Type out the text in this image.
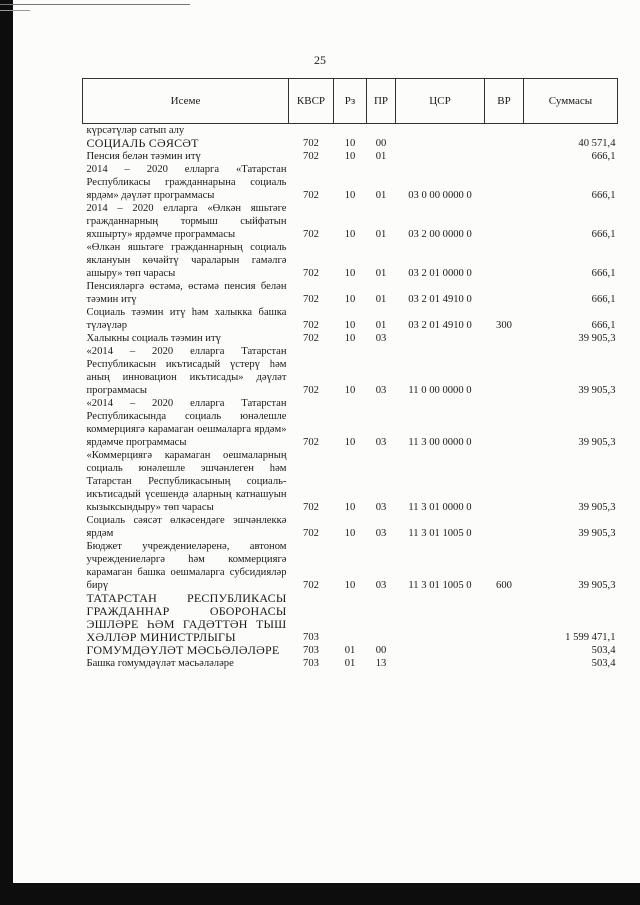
25
Исеме	КВСР	Рз	ПР	ЦСР	ВР	Суммасы
күрсәтүләр сатып алу						
СОЦИАЛЬ СӘЯСӘТ	702	10	00			40 571,4
Пенсия белән тәэмин итү	702	10	01			666,1
2014 – 2020 елларга «Татарстан Республикасы гражданнарына социаль ярдәм» дәүләт программасы	702	10	01	03 0 00 0000 0		666,1
2014 – 2020 елларга «Өлкән яшьтәге гражданнарның тормыш сыйфатын яхшырту» ярдәмче программасы	702	10	01	03 2 00 0000 0		666,1
«Өлкән яшьтәге гражданнарның социаль яклануын көчәйтү чараларын гамәлгә ашыру» төп чарасы	702	10	01	03 2 01 0000 0		666,1
Пенсияләргә өстәмә, өстәмә пенсия белән тәэмин итү	702	10	01	03 2 01 4910 0		666,1
Социаль тәэмин итү һәм халыкка башка түләүләр	702	10	01	03 2 01 4910 0	300	666,1
Халыкны социаль тәэмин итү	702	10	03			39 905,3
«2014 – 2020 елларга Татарстан Республикасын икътисадый үстерү һәм аның инновацион икътисады» дәүләт программасы	702	10	03	11 0 00 0000 0		39 905,3
«2014 – 2020 елларга Татарстан Республикасында социаль юнәлешле коммерциягә карамаган оешмаларга ярдәм» ярдәмче программасы	702	10	03	11 3 00 0000 0		39 905,3
«Коммерциягә карамаган оешмаларның социаль юнәлешле эшчәнлеген һәм Татарстан Республикасының социаль-икътисадый үсешендә аларның катнашуын кызыксындыру» төп чарасы	702	10	03	11 3 01 0000 0		39 905,3
Социаль сәясәт өлкәсендәге эшчәнлеккә ярдәм	702	10	03	11 3 01 1005 0		39 905,3
Бюджет учреждениеләренә, автоном учреждениеләргә һәм коммерциягә карамаган башка оешмаларга субсидияләр бирү	702	10	03	11 3 01 1005 0	600	39 905,3
ТАТАРСТАН РЕСПУБЛИКАСЫ ГРАЖДАННАР ОБОРОНАСЫ ЭШЛӘРЕ ҺӘМ ГАДӘТТӘН ТЫШ ХӘЛЛӘР МИНИСТРЛЫГЫ	703					1 599 471,1
ГОМУМДӘҮЛӘТ МӘСЬӘЛӘЛӘРЕ	703	01	00			503,4
Башка гомумдәүләт мәсьәләләре	703	01	13			503,4
